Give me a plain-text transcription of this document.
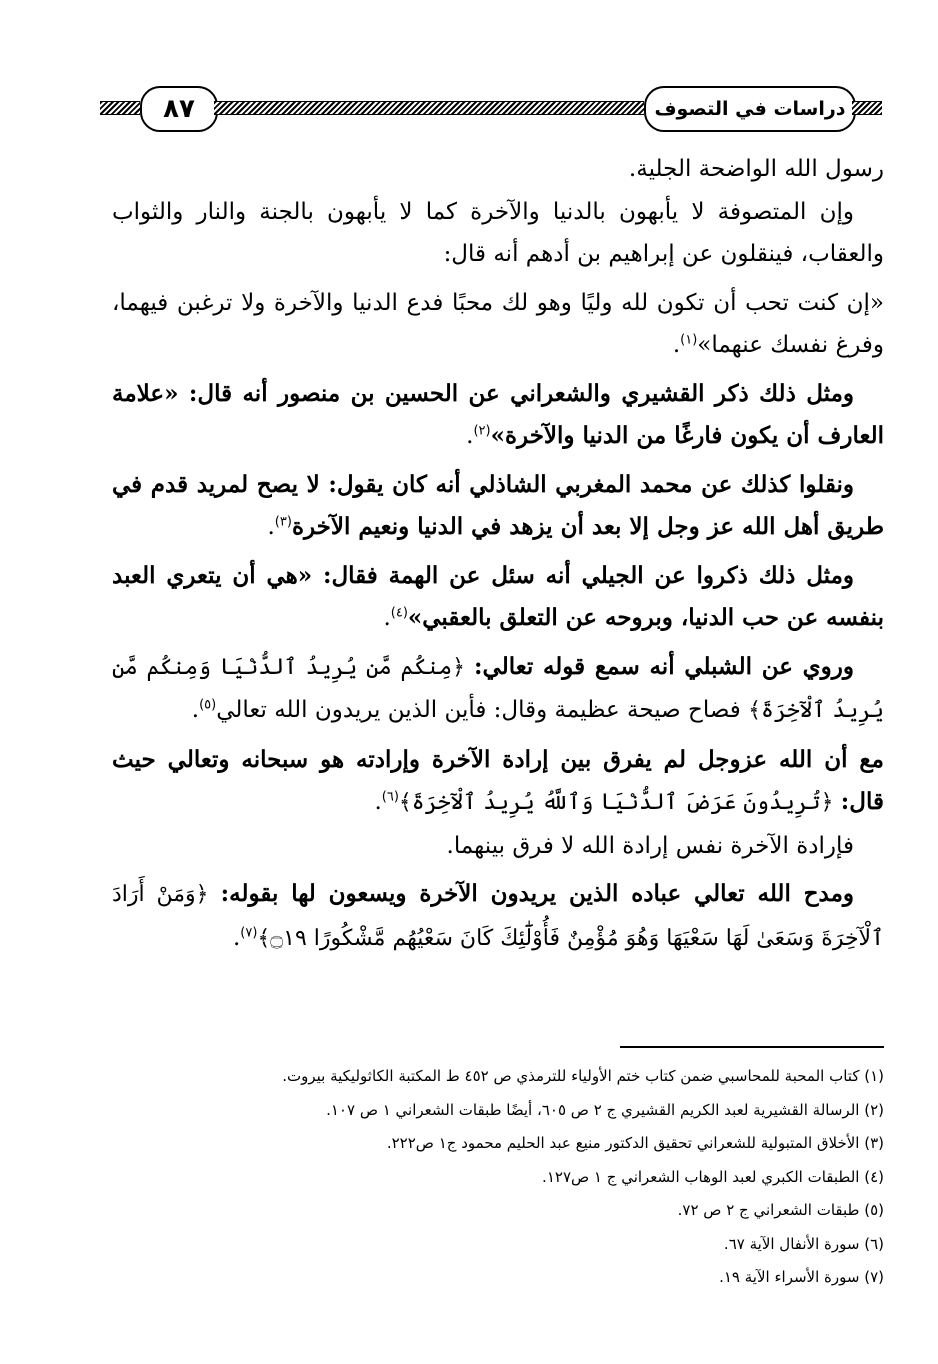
٨٧	دراسات في التصوف

رسول الله الواضحة الجلية.

وإن المتصوفة لا يأبهون بالدنيا والآخرة كما لا يأبهون بالجنة والنار والثواب والعقاب، فينقلون عن إبراهيم بن أدهم أنه قال:

«إن كنت تحب أن تكون لله وليًا وهو لك محبًا فدع الدنيا والآخرة ولا ترغبن فيهما، وفرغ نفسك عنهما»$^{(١)}$.

ومثل ذلك ذكر القشيري والشعراني عن الحسين بن منصور أنه قال: «علامة العارف أن يكون فارغًا من الدنيا والآخرة»$^{(٢)}$.

ونقلوا كذلك عن محمد المغربي الشاذلي أنه كان يقول: لا يصح لمريد قدم في طريق أهل الله عز وجل إلا بعد أن يزهد في الدنيا ونعيم الآخرة$^{(٣)}$.

ومثل ذلك ذكروا عن الجيلي أنه سئل عن الهمة فقال: «هي أن يتعري العبد بنفسه عن حب الدنيا، وبروحه عن التعلق بالعقبي»$^{(٤)}$.

وروي عن الشبلي أنه سمع قوله تعالي: ﴿مِنكُم مَّن يُرِيدُ ٱلدُّنْيَا وَمِنكُم مَّن يُرِيدُ ٱلْآخِرَةَ﴾ فصاح صيحة عظيمة وقال: فأين الذين يريدون الله تعالي$^{(٥)}$.

مع أن الله عزوجل لم يفرق بين إرادة الآخرة وإرادته هو سبحانه وتعالي حيث قال: ﴿تُرِيدُونَ عَرَضَ ٱلدُّنْيَا وَٱللَّهُ يُرِيدُ ٱلْآخِرَةَ﴾$^{(٦)}$.

فإرادة الآخرة نفس إرادة الله لا فرق بينهما.

ومدح الله تعالي عباده الذين يريدون الآخرة ويسعون لها بقوله: ﴿وَمَنْ أَرَادَ ٱلْآخِرَةَ وَسَعَىٰ لَهَا سَعْيَهَا وَهُوَ مُؤْمِنٌ فَأُوْلَٰٓئِكَ كَانَ سَعْيُهُم مَّشْكُورًا ۝١٩﴾$^{(٧)}$.

(١) كتاب المحبة للمحاسبي ضمن كتاب ختم الأولياء للترمذي ص ٤٥٢ ط المكتبة الكاثوليكية بيروت.

(٢) الرسالة القشيرية لعبد الكريم القشيري ج ٢ ص ٦٠٥، أيضًا طبقات الشعراني ١ ص ١٠٧.

(٣) الأخلاق المتبولية للشعراني تحقيق الدكتور منيع عبد الحليم محمود ج١ ص٢٢٢.

(٤) الطبقات الكبري لعبد الوهاب الشعراني ج ١ ص١٢٧.

(٥) طبقات الشعراني ج ٢ ص ٧٢.

(٦) سورة الأنفال الآية ٦٧.

(٧) سورة الأسراء الآية ١٩.
